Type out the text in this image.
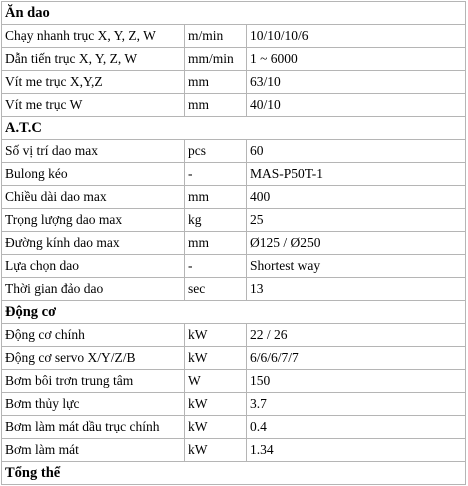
Ăn dao		
Chạy nhanh trục X, Y, Z, W	m/min	10/10/10/6
Dẫn tiến trục X, Y, Z, W	mm/min	1 ~ 6000
Vít me trục X,Y,Z	mm	63/10
Vít me trục W	mm	40/10
A.T.C		
Số vị trí dao max	pcs	60
Bulong kéo	-	MAS-P50T-1
Chiều dài dao max	mm	400
Trọng lượng dao max	kg	25
Đường kính dao max	mm	Ø125 / Ø250
Lựa chọn dao	-	Shortest way
Thời gian đảo dao	sec	13
Động cơ		
Động cơ chính	kW	22 / 26
Động cơ servo X/Y/Z/B	kW	6/6/6/7/7
Bơm bôi trơn trung tâm	W	150
Bơm thủy lực	kW	3.7
Bơm làm mát dầu trục chính	kW	0.4
Bơm làm mát	kW	1.34
Tổng thể		
